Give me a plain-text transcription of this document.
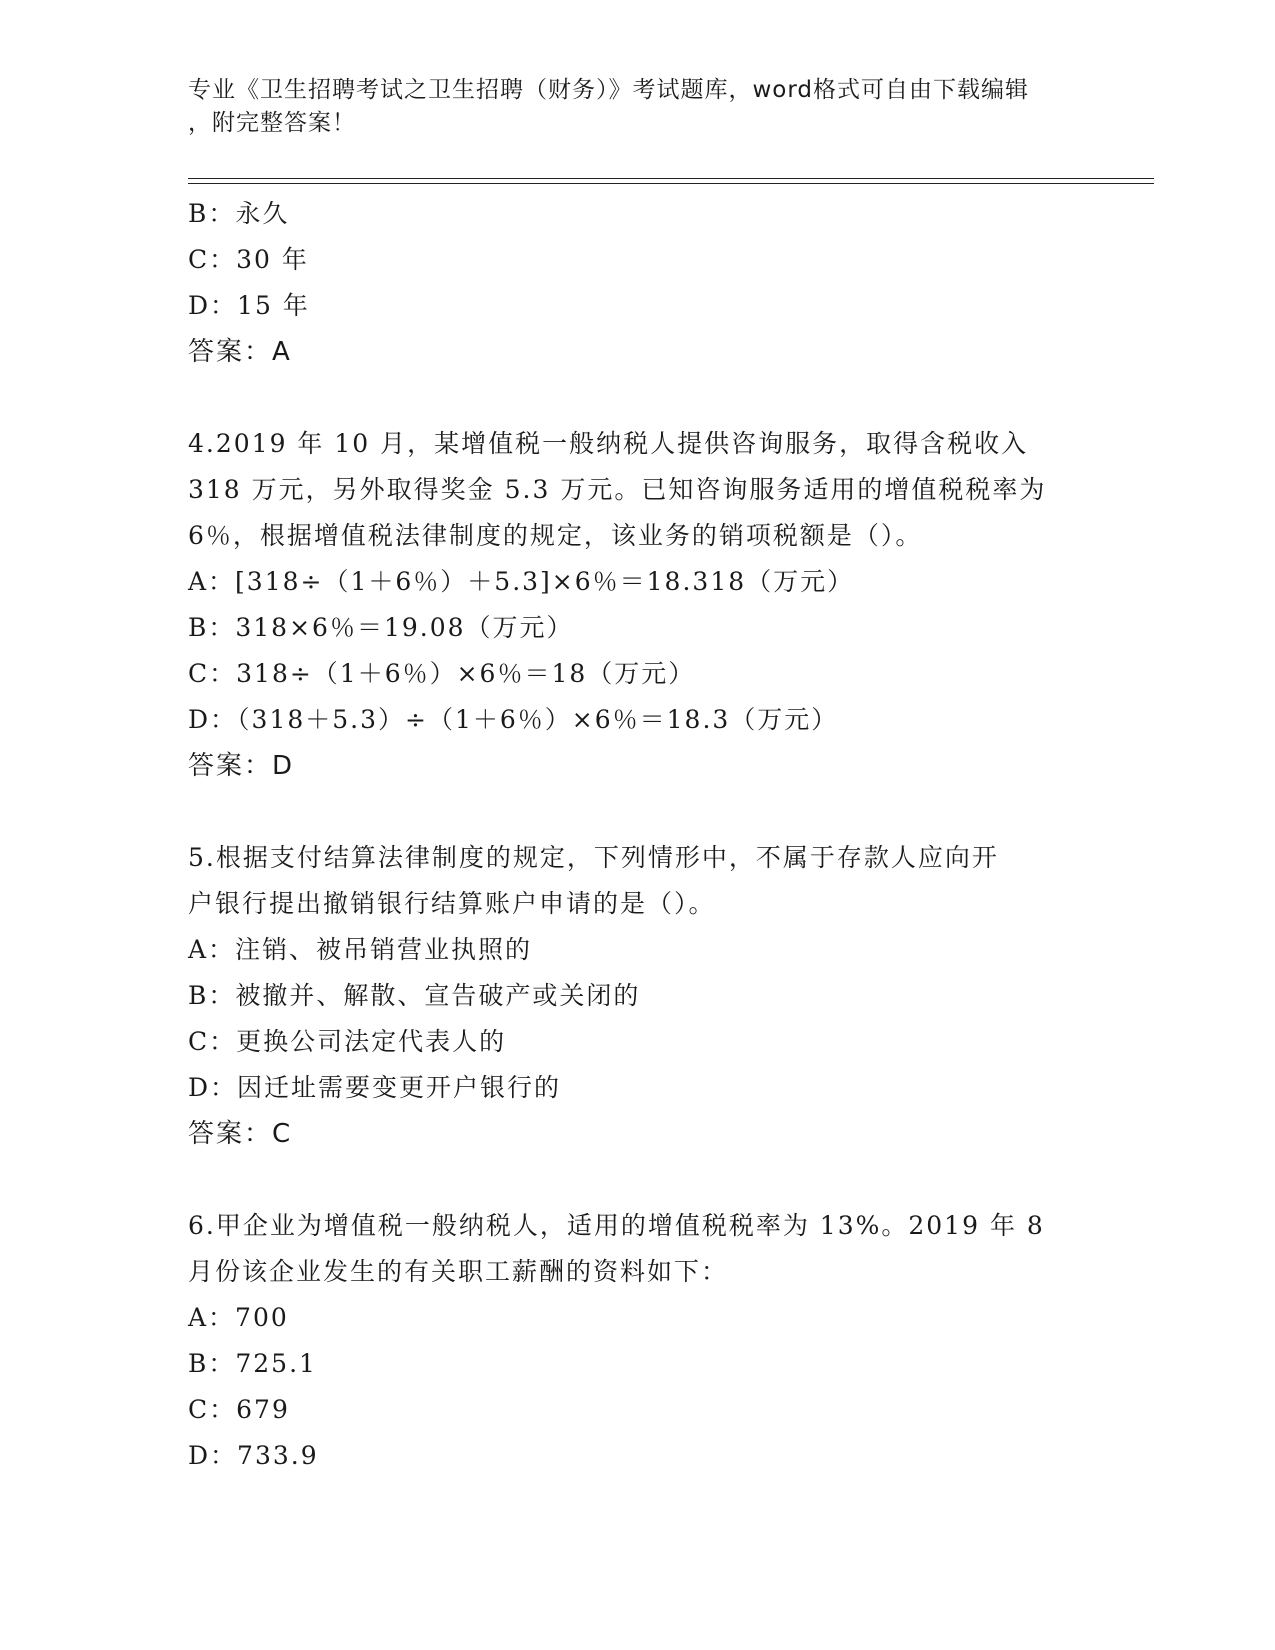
专业《卫生招聘考试之卫生招聘（财务）》考试题库，word格式可自由下载编辑
，附完整答案！
B：永久
C：30 年
D：15 年
答案：A
4.2019 年 10 月，某增值税一般纳税人提供咨询服务，取得含税收入
318 万元，另外取得奖金 5.3 万元。已知咨询服务适用的增值税税率为
6％，根据增值税法律制度的规定，该业务的销项税额是（）。
A：[318÷（1＋6％）＋5.3]×6％＝18.318（万元）
B：318×6％＝19.08（万元）
C：318÷（1＋6％）×6％＝18（万元）
D：（318＋5.3）÷（1＋6％）×6％＝18.3（万元）
答案：D
5.根据支付结算法律制度的规定，下列情形中，不属于存款人应向开
户银行提出撤销银行结算账户申请的是（）。
A：注销、被吊销营业执照的
B：被撤并、解散、宣告破产或关闭的
C：更换公司法定代表人的
D：因迁址需要变更开户银行的
答案：C
6.甲企业为增值税一般纳税人，适用的增值税税率为 13%。2019 年 8
月份该企业发生的有关职工薪酬的资料如下：
A：700
B：725.1
C：679
D：733.9
